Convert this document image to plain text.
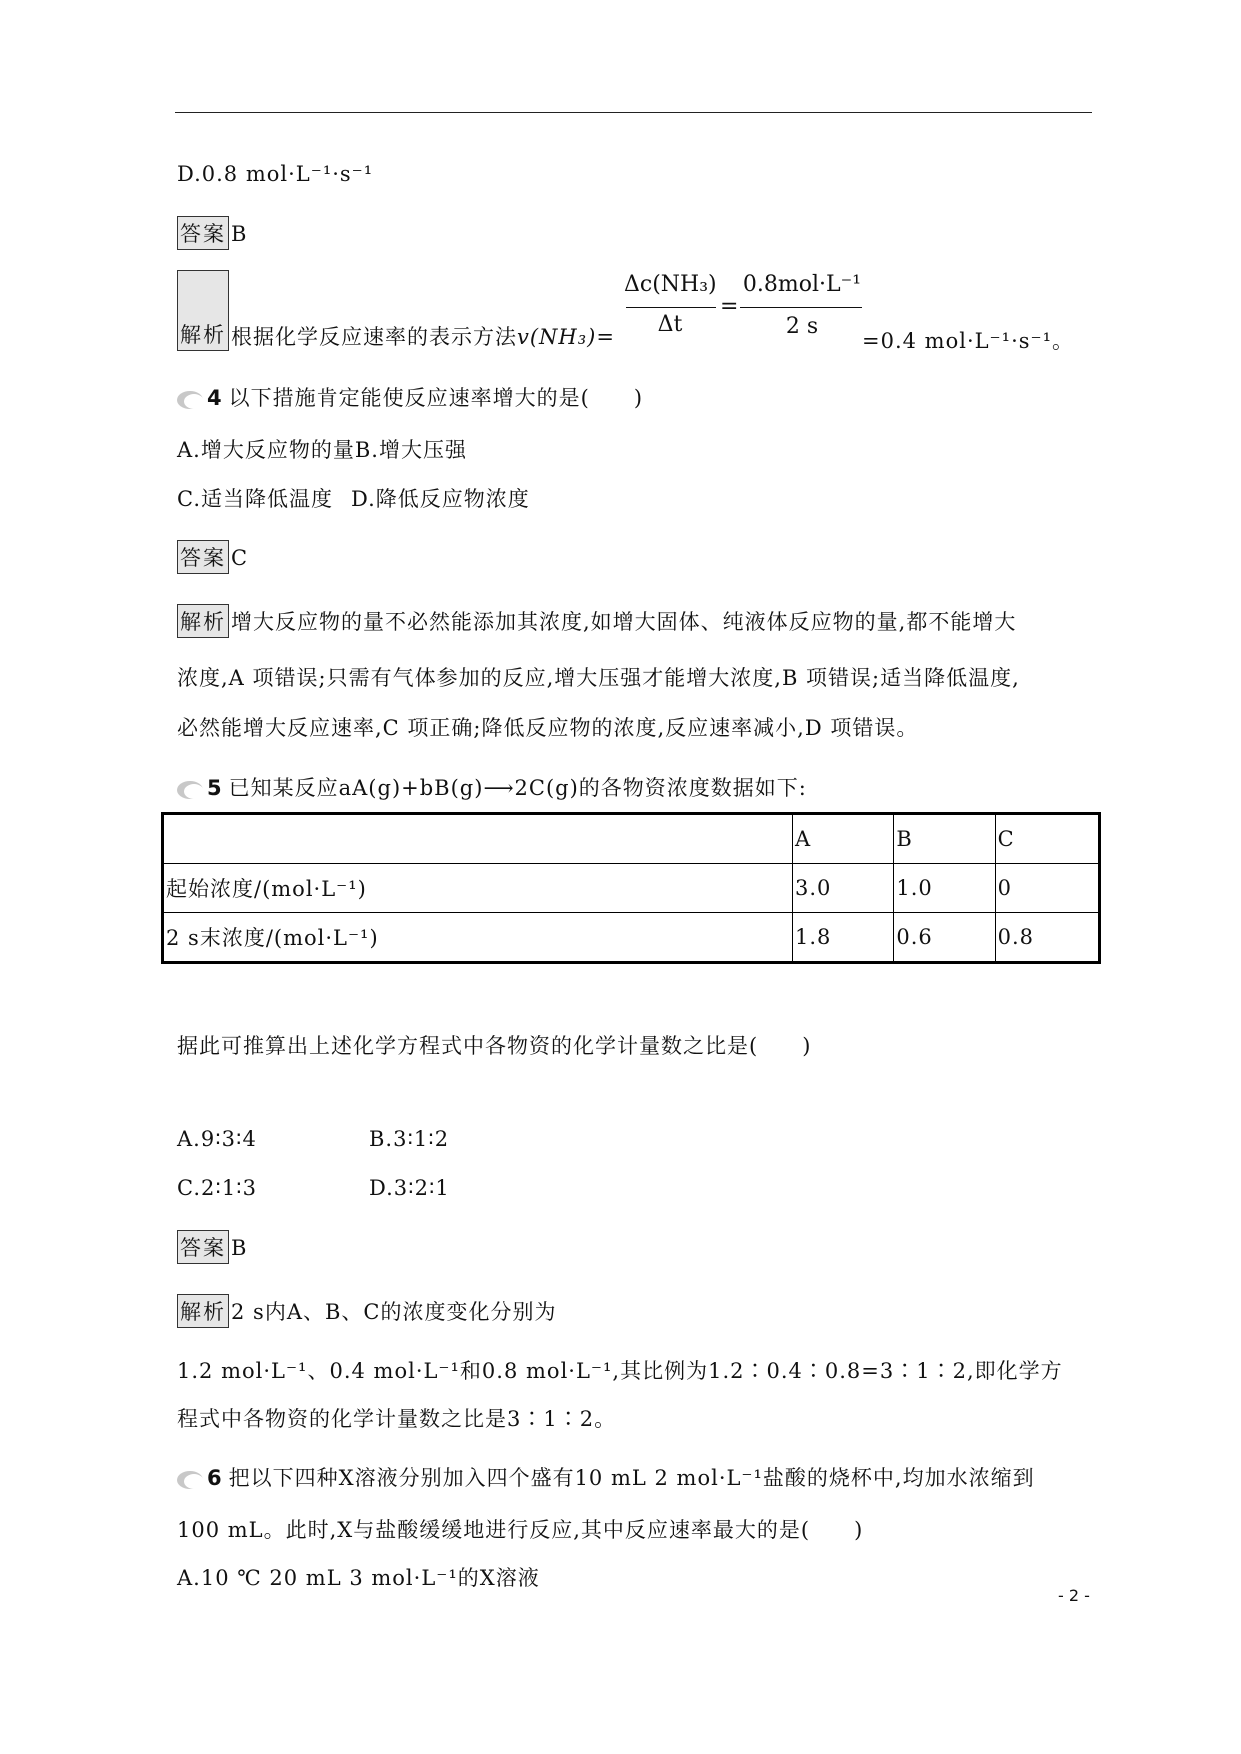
D.0.8 mol·L⁻¹·s⁻¹
答案 B
解析 根据化学反应速率的表示方法v(NH₃)=
Δc(NH₃)
Δt
=
0.8mol·L⁻¹
2 s
=0.4 mol·L⁻¹·s⁻¹。
4 以下措施肯定能使反应速率增大的是(　　)
A.增大反应物的量B.增大压强
C.适当降低温度 D.降低反应物浓度
答案 C
解析 增大反应物的量不必然能添加其浓度,如增大固体、纯液体反应物的量,都不能增大
浓度,A 项错误;只需有气体参加的反应,增大压强才能增大浓度,B 项错误;适当降低温度,
必然能增大反应速率,C 项正确;降低反应物的浓度,反应速率减小,D 项错误。
5 已知某反应aA(g)+bB(g)⟶2C(g)的各物资浓度数据如下:
	A	B	C
起始浓度/(mol·L⁻¹)	3.0	1.0	0
2 s末浓度/(mol·L⁻¹)	1.8	0.6	0.8
据此可推算出上述化学方程式中各物资的化学计量数之比是(　　)
A.9∶3∶4	B.3∶1∶2
C.2∶1∶3	D.3∶2∶1
答案 B
解析 2 s内A、B、C的浓度变化分别为
1.2 mol·L⁻¹、0.4 mol·L⁻¹和0.8 mol·L⁻¹,其比例为1.2∶0.4∶0.8=3∶1∶2,即化学方
程式中各物资的化学计量数之比是3∶1∶2。
6 把以下四种X溶液分别加入四个盛有10 mL 2 mol·L⁻¹盐酸的烧杯中,均加水浓缩到
100 mL。此时,X与盐酸缓缓地进行反应,其中反应速率最大的是(　　)
A.10 ℃ 20 mL 3 mol·L⁻¹的X溶液
- 2 -
